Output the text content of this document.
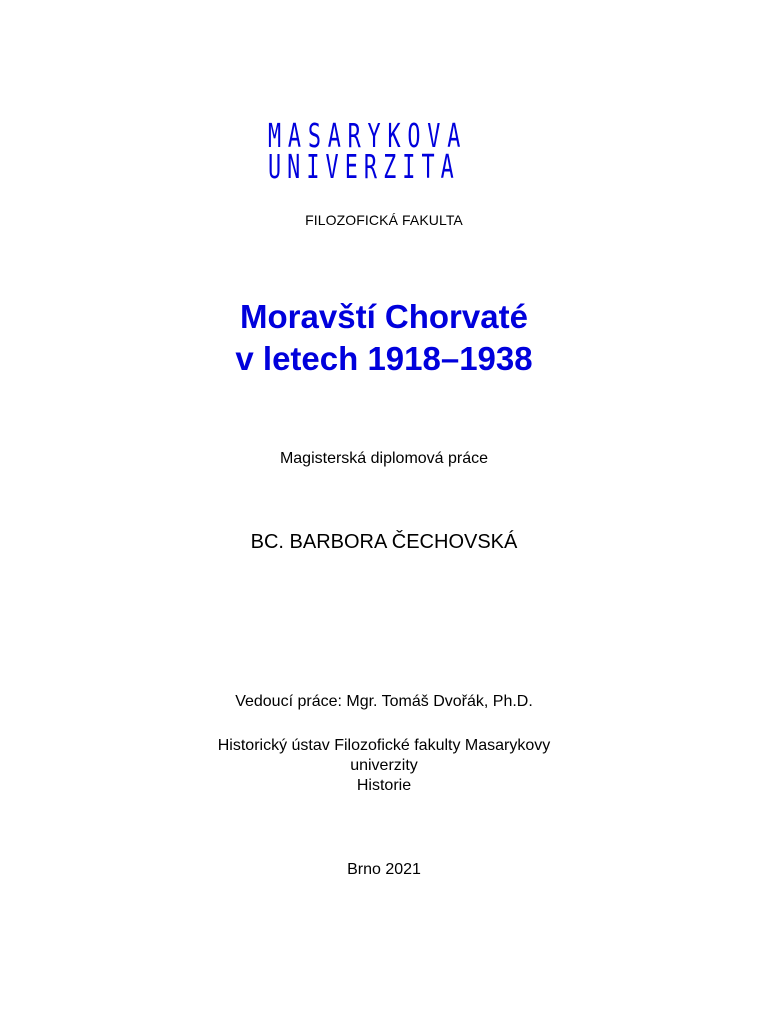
MASARYKOVA
UNIVERZITA
FILOZOFICKÁ FAKULTA
Moravští Chorvaté
v letech 1918–1938
Magisterská diplomová práce
BC. BARBORA ČECHOVSKÁ
Vedoucí práce: Mgr. Tomáš Dvořák, Ph.D.
Historický ústav Filozofické fakulty Masarykovy
univerzity
Historie
Brno 2021
